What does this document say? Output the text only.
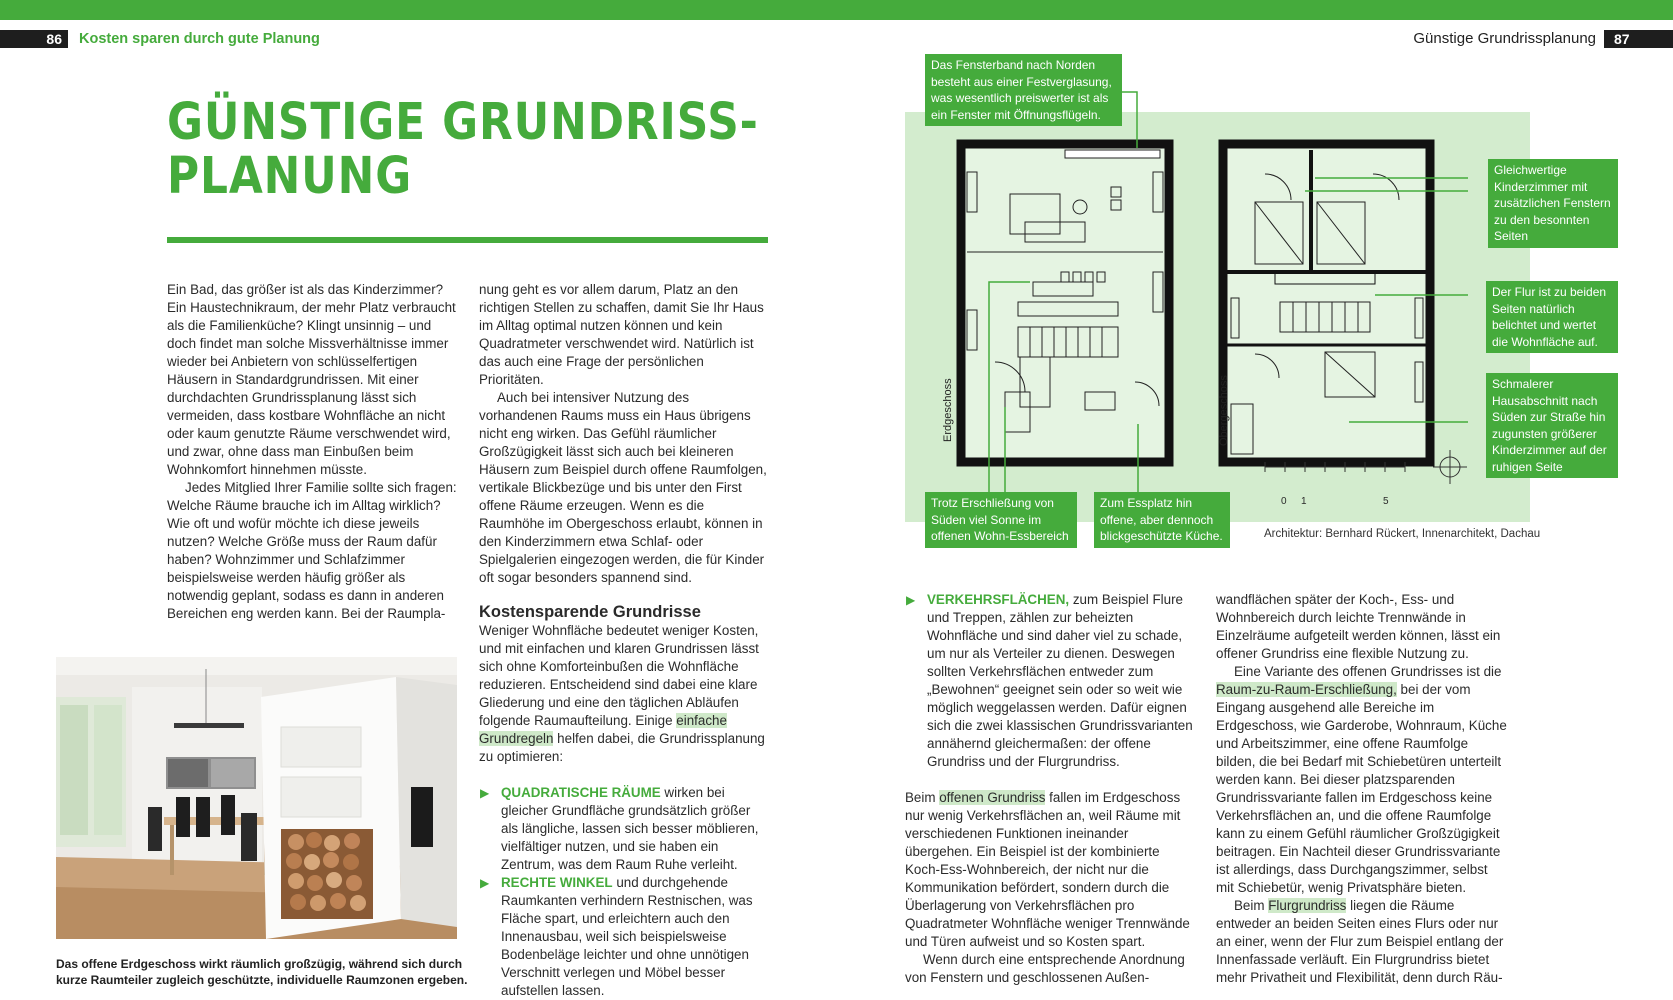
86	Kosten sparen durch gute Planung	Günstige Grundrissplanung	87
GÜNSTIGE GRUNDRISS-
PLANUNG

Ein Bad, das größer ist als das Kinderzimmer? Ein Haustechnikraum, der mehr Platz verbraucht als die Familienküche? Klingt unsinnig – und doch findet man solche Missverhältnisse immer wieder bei Anbietern von schlüsselfertigen Häusern in Standardgrundrissen. Mit einer durchdachten Grundrissplanung lässt sich vermeiden, dass kostbare Wohnfläche an nicht oder kaum genutzte Räume verschwendet wird, und zwar, ohne dass man Einbußen beim Wohnkomfort hinnehmen müsste.

Jedes Mitglied Ihrer Familie sollte sich fragen: Welche Räume brauche ich im Alltag wirklich? Wie oft und wofür möchte ich diese jeweils nutzen? Welche Größe muss der Raum dafür haben? Wohnzimmer und Schlafzimmer beispielsweise werden häufig größer als notwendig geplant, sodass es dann in anderen Bereichen eng werden kann. Bei der Raumpla-

nung geht es vor allem darum, Platz an den richtigen Stellen zu schaffen, damit Sie Ihr Haus im Alltag optimal nutzen können und kein Quadratmeter verschwendet wird. Natürlich ist das auch eine Frage der persönlichen Prioritäten.

Auch bei intensiver Nutzung des vorhandenen Raums muss ein Haus übrigens nicht eng wirken. Das Gefühl räumlicher Großzügigkeit lässt sich auch bei kleineren Häusern zum Beispiel durch offene Raumfolgen, vertikale Blickbezüge und bis unter den First offene Räume erzeugen. Wenn es die Raumhöhe im Obergeschoss erlaubt, können in den Kinderzimmern etwa Schlaf- oder Spielgalerien eingezogen werden, die für Kinder oft sogar besonders spannend sind.

Kostensparende Grundrisse

Weniger Wohnfläche bedeutet weniger Kosten, und mit einfachen und klaren Grundrissen lässt sich ohne Komforteinbußen die Wohnfläche reduzieren. Entscheidend sind dabei eine klare Gliederung und eine den täglichen Abläufen folgende Raumaufteilung. Einige einfache Grundregeln helfen dabei, die Grundrissplanung zu optimieren:

▶ QUADRATISCHE RÄUME wirken bei gleicher Grundfläche grundsätzlich größer als längliche, lassen sich besser möblieren, vielfältiger nutzen, und sie haben ein Zentrum, was dem Raum Ruhe verleiht.

▶ RECHTE WINKEL und durchgehende Raumkanten verhindern Restnischen, was Fläche spart, und erleichtern auch den Innenausbau, weil sich beispielsweise Bodenbeläge leichter und ohne unnötigen Verschnitt verlegen und Möbel besser aufstellen lassen.

Das offene Erdgeschoss wirkt räumlich großzügig, während sich durch kurze Raumteiler zugleich geschützte, individuelle Raumzonen ergeben.
Erdgeschoss	Obergeschoss
0 1	5
Das Fensterband nach Norden besteht aus einer Festverglasung, was wesentlich preiswerter ist als ein Fenster mit Öffnungsflügeln.
Gleichwertige Kinderzimmer mit zusätzlichen Fenstern zu den besonnten Seiten
Der Flur ist zu beiden Seiten natürlich belichtet und wertet die Wohnfläche auf.
Schmalerer Hausabschnitt nach Süden zur Straße hin zugunsten größerer Kinderzimmer auf der ruhigen Seite
Trotz Erschließung von Süden viel Sonne im offenen Wohn-Essbereich
Zum Essplatz hin offene, aber dennoch blickgeschützte Küche.	Architektur: Bernhard Rückert, Innenarchitekt, Dachau

▶ VERKEHRSFLÄCHEN, zum Beispiel Flure und Treppen, zählen zur beheizten Wohnfläche und sind daher viel zu schade, um nur als Verteiler zu dienen. Deswegen sollten Verkehrsflächen entweder zum „Bewohnen“ geeignet sein oder so weit wie möglich weggelassen werden. Dafür eignen sich die zwei klassischen Grundrissvarianten annähernd gleichermaßen: der offene Grundriss und der Flurgrundriss.

Beim offenen Grundriss fallen im Erdgeschoss nur wenig Verkehrsflächen an, weil Räume mit verschiedenen Funktionen ineinander übergehen. Ein Beispiel ist der kombinierte Koch-Ess-Wohnbereich, der nicht nur die Kommunikation befördert, sondern durch die Überlagerung von Verkehrsflächen pro Quadratmeter Wohnfläche weniger Trennwände und Türen aufweist und so Kosten spart.

Wenn durch eine entsprechende Anordnung von Fenstern und geschlossenen Außen-

wandflächen später der Koch-, Ess- und Wohnbereich durch leichte Trennwände in Einzelräume aufgeteilt werden können, lässt ein offener Grundriss eine flexible Nutzung zu.

Eine Variante des offenen Grundrisses ist die Raum-zu-Raum-Erschließung, bei der vom Eingang ausgehend alle Bereiche im Erdgeschoss, wie Garderobe, Wohnraum, Küche und Arbeitszimmer, eine offene Raumfolge bilden, die bei Bedarf mit Schiebetüren unterteilt werden kann. Bei dieser platzsparenden Grundrissvariante fallen im Erdgeschoss keine Verkehrsflächen an, und die offene Raumfolge kann zu einem Gefühl räumlicher Großzügigkeit beitragen. Ein Nachteil dieser Grundrissvariante ist allerdings, dass Durchgangszimmer, selbst mit Schiebetür, wenig Privatsphäre bieten.

Beim Flurgrundriss liegen die Räume entweder an beiden Seiten eines Flurs oder nur an einer, wenn der Flur zum Beispiel entlang der Innenfassade verläuft. Ein Flurgrundriss bietet mehr Privatheit und Flexibilität, denn durch Räu-
